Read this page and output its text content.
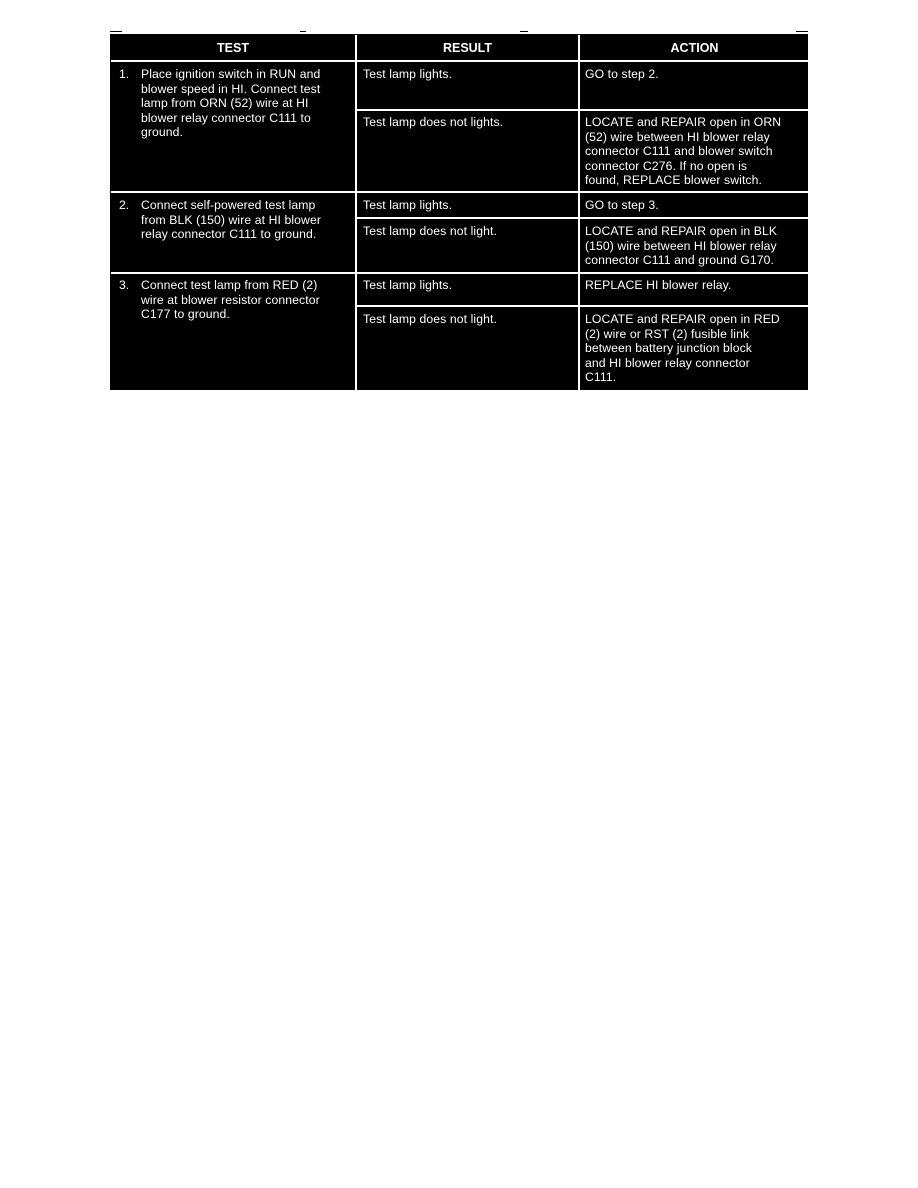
TEST	RESULT	ACTION
1. Place ignition switch in RUN and
blower speed in HI. Connect test
lamp from ORN (52) wire at HI
blower relay connector C111 to
ground.
Test lamp lights.	GO to step 2.
Test lamp does not lights.	LOCATE and REPAIR open in ORN
(52) wire between HI blower relay
connector C111 and blower switch
connector C276. If no open is
found, REPLACE blower switch.
2. Connect self-powered test lamp
from BLK (150) wire at HI blower
relay connector C111 to ground.
Test lamp lights.	GO to step 3.
Test lamp does not light.	LOCATE and REPAIR open in BLK
(150) wire between HI blower relay
connector C111 and ground G170.
3. Connect test lamp from RED (2)
wire at blower resistor connector
C177 to ground.
Test lamp lights.	REPLACE HI blower relay.
Test lamp does not light.	LOCATE and REPAIR open in RED
(2) wire or RST (2) fusible link
between battery junction block
and HI blower relay connector
C111.
